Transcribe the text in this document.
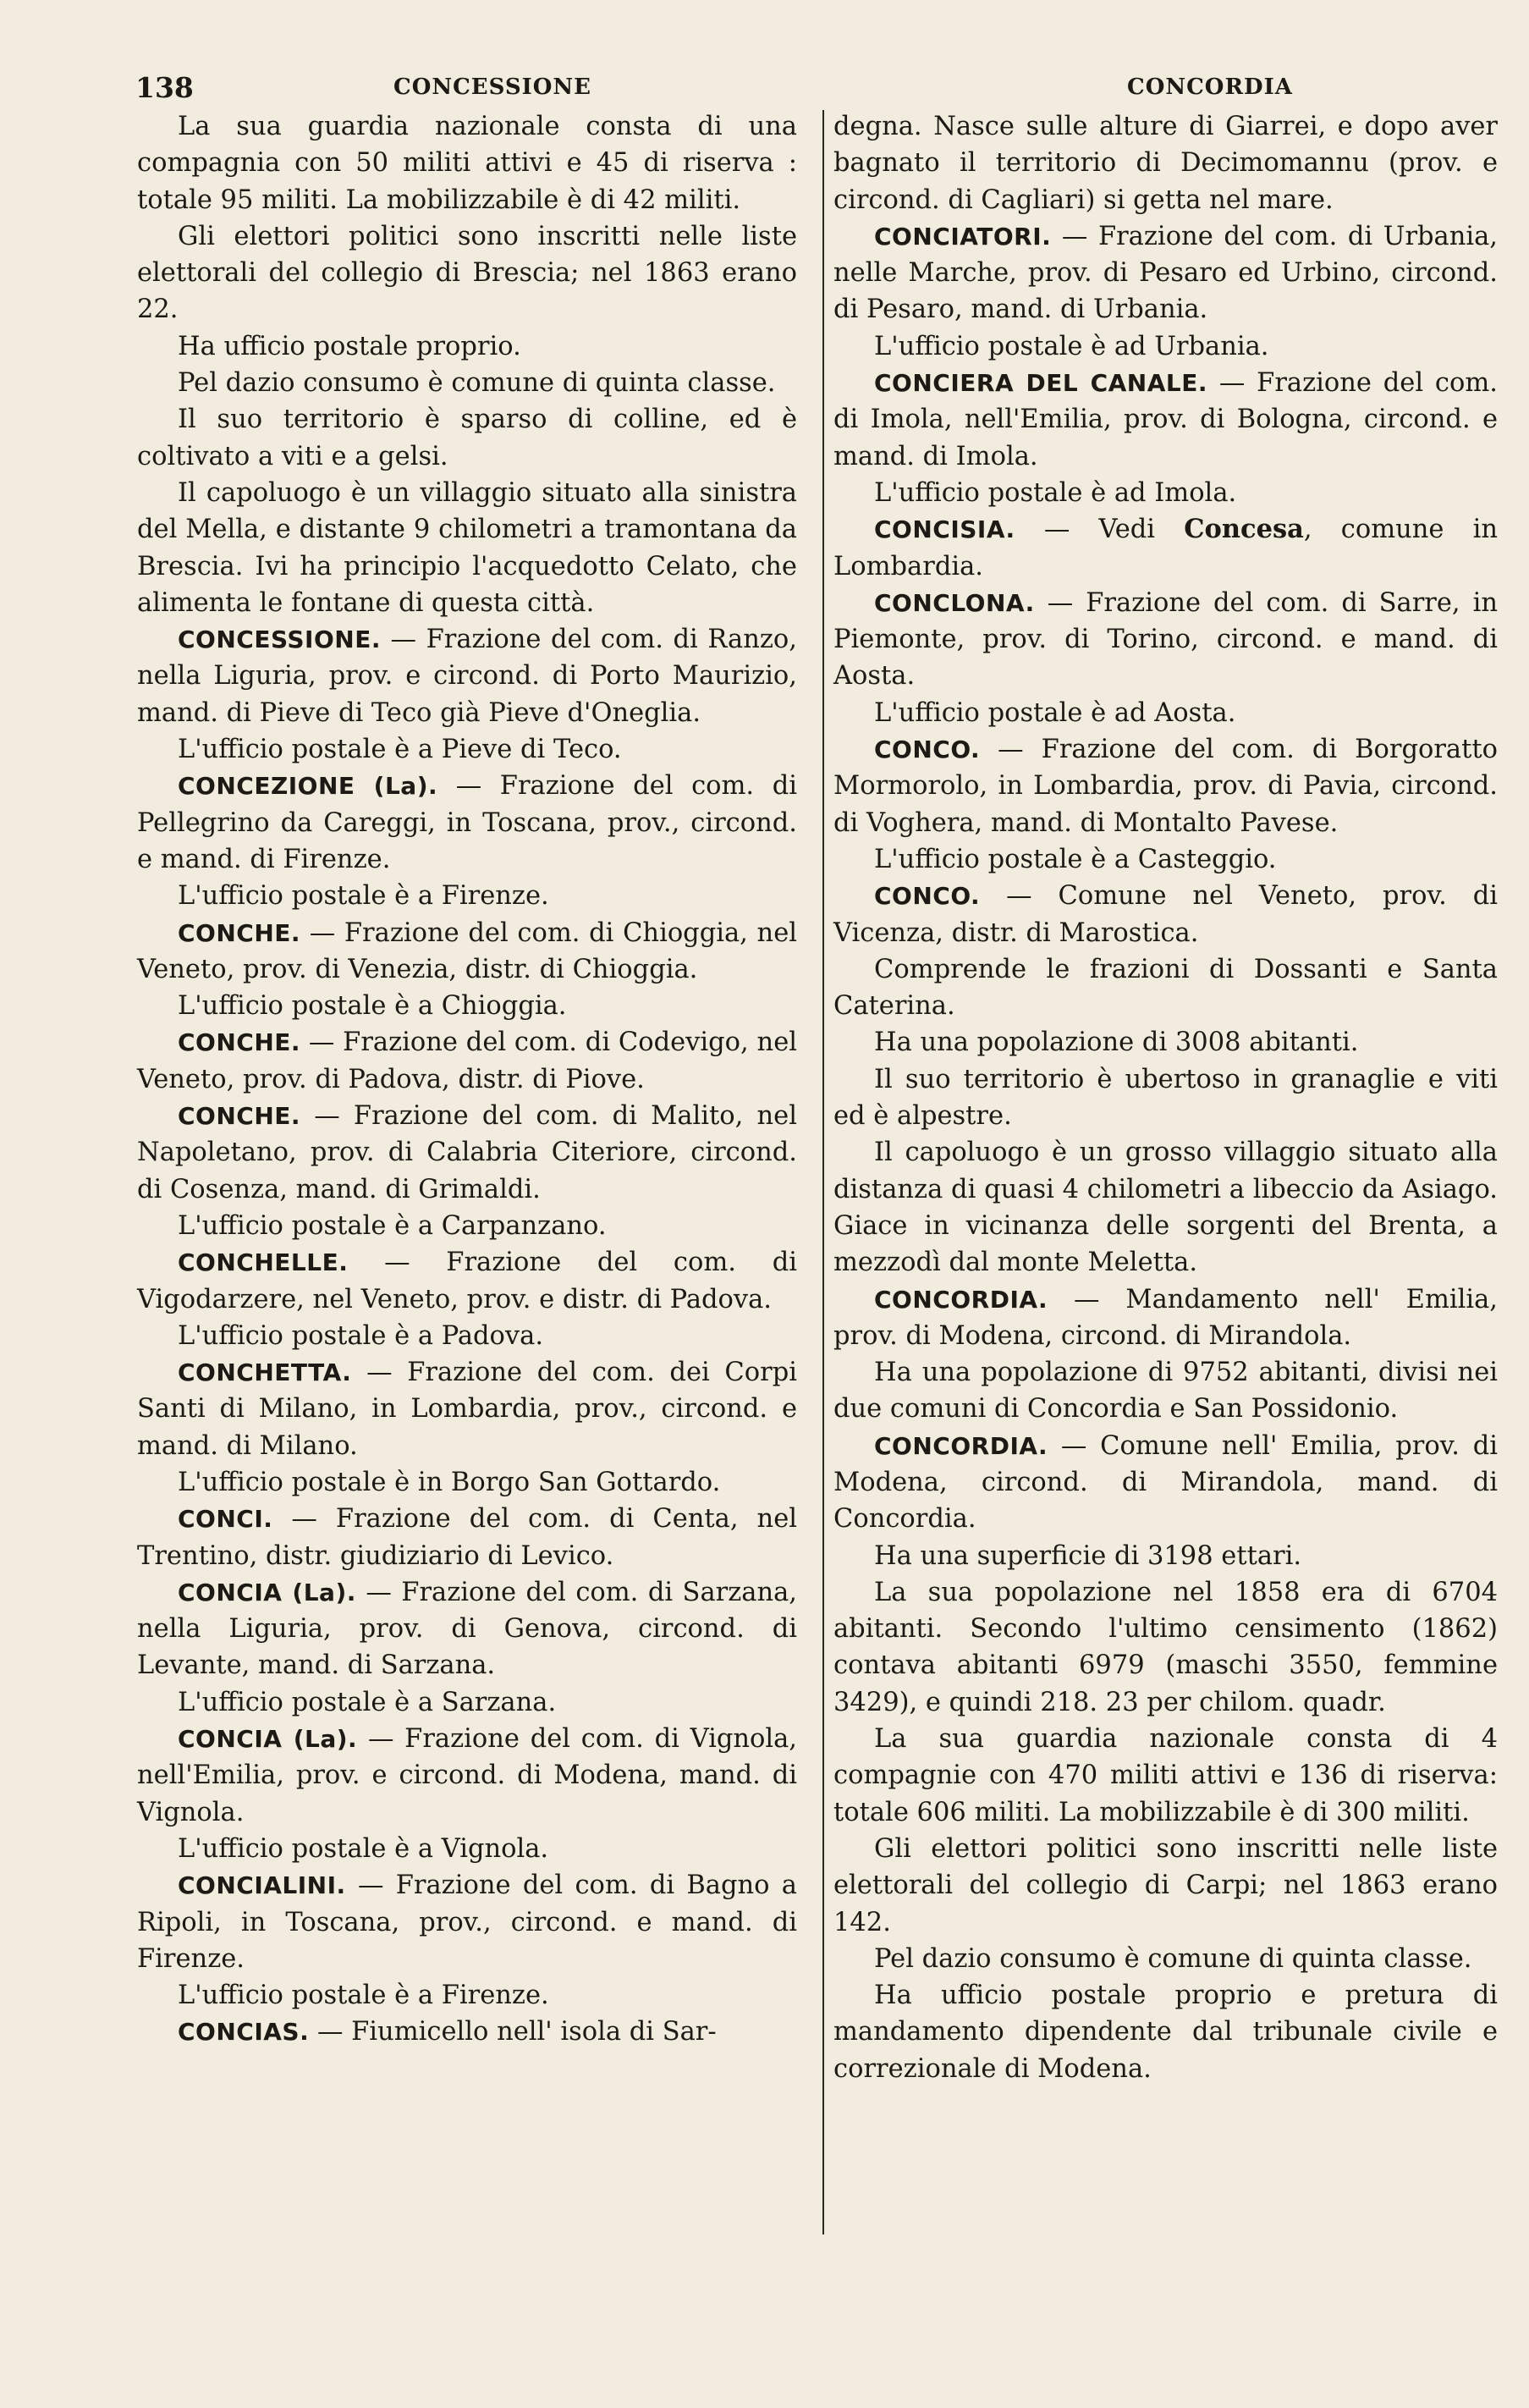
138	CONCESSIONE	CONCORDIA

La sua guardia nazionale consta di una compagnia con 50 militi attivi e 45 di riserva : totale 95 militi. La mobilizzabile è di 42 militi.

Gli elettori politici sono inscritti nelle liste elettorali del collegio di Brescia; nel 1863 erano 22.

Ha ufficio postale proprio.

Pel dazio consumo è comune di quinta classe.

Il suo territorio è sparso di colline, ed è coltivato a viti e a gelsi.

Il capoluogo è un villaggio situato alla sinistra del Mella, e distante 9 chilometri a tramontana da Brescia. Ivi ha principio l'acquedotto Celato, che alimenta le fontane di questa città.

CONCESSIONE. — Frazione del com. di Ranzo, nella Liguria, prov. e circond. di Porto Maurizio, mand. di Pieve di Teco già Pieve d'Oneglia.

L'ufficio postale è a Pieve di Teco.

CONCEZIONE (La). — Frazione del com. di Pellegrino da Careggi, in Toscana, prov., circond. e mand. di Firenze.

L'ufficio postale è a Firenze.

CONCHE. — Frazione del com. di Chioggia, nel Veneto, prov. di Venezia, distr. di Chioggia.

L'ufficio postale è a Chioggia.

CONCHE. — Frazione del com. di Codevigo, nel Veneto, prov. di Padova, distr. di Piove.

CONCHE. — Frazione del com. di Malito, nel Napoletano, prov. di Calabria Citeriore, circond. di Cosenza, mand. di Grimaldi.

L'ufficio postale è a Carpanzano.

CONCHELLE. — Frazione del com. di Vigodarzere, nel Veneto, prov. e distr. di Padova.

L'ufficio postale è a Padova.

CONCHETTA. — Frazione del com. dei Corpi Santi di Milano, in Lombardia, prov., circond. e mand. di Milano.

L'ufficio postale è in Borgo San Gottardo.

CONCI. — Frazione del com. di Centa, nel Trentino, distr. giudiziario di Levico.

CONCIA (La). — Frazione del com. di Sarzana, nella Liguria, prov. di Genova, circond. di Levante, mand. di Sarzana.

L'ufficio postale è a Sarzana.

CONCIA (La). — Frazione del com. di Vignola, nell'Emilia, prov. e circond. di Modena, mand. di Vignola.

L'ufficio postale è a Vignola.

CONCIALINI. — Frazione del com. di Bagno a Ripoli, in Toscana, prov., circond. e mand. di Firenze.

L'ufficio postale è a Firenze.

CONCIAS. — Fiumicello nell' isola di Sar-

degna. Nasce sulle alture di Giarrei, e dopo aver bagnato il territorio di Decimomannu (prov. e circond. di Cagliari) si getta nel mare.

CONCIATORI. — Frazione del com. di Urbania, nelle Marche, prov. di Pesaro ed Urbino, circond. di Pesaro, mand. di Urbania.

L'ufficio postale è ad Urbania.

CONCIERA DEL CANALE. — Frazione del com. di Imola, nell'Emilia, prov. di Bologna, circond. e mand. di Imola.

L'ufficio postale è ad Imola.

CONCISIA. — Vedi Concesa, comune in Lombardia.

CONCLONA. — Frazione del com. di Sarre, in Piemonte, prov. di Torino, circond. e mand. di Aosta.

L'ufficio postale è ad Aosta.

CONCO. — Frazione del com. di Borgoratto Mormorolo, in Lombardia, prov. di Pavia, circond. di Voghera, mand. di Montalto Pavese.

L'ufficio postale è a Casteggio.

CONCO. — Comune nel Veneto, prov. di Vicenza, distr. di Marostica.

Comprende le frazioni di Dossanti e Santa Caterina.

Ha una popolazione di 3008 abitanti.

Il suo territorio è ubertoso in granaglie e viti ed è alpestre.

Il capoluogo è un grosso villaggio situato alla distanza di quasi 4 chilometri a libeccio da Asiago. Giace in vicinanza delle sorgenti del Brenta, a mezzodì dal monte Meletta.

CONCORDIA. — Mandamento nell' Emilia, prov. di Modena, circond. di Mirandola.

Ha una popolazione di 9752 abitanti, divisi nei due comuni di Concordia e San Possidonio.

CONCORDIA. — Comune nell' Emilia, prov. di Modena, circond. di Mirandola, mand. di Concordia.

Ha una superficie di 3198 ettari.

La sua popolazione nel 1858 era di 6704 abitanti. Secondo l'ultimo censimento (1862) contava abitanti 6979 (maschi 3550, femmine 3429), e quindi 218. 23 per chilom. quadr.

La sua guardia nazionale consta di 4 compagnie con 470 militi attivi e 136 di riserva: totale 606 militi. La mobilizzabile è di 300 militi.

Gli elettori politici sono inscritti nelle liste elettorali del collegio di Carpi; nel 1863 erano 142.

Pel dazio consumo è comune di quinta classe.

Ha ufficio postale proprio e pretura di mandamento dipendente dal tribunale civile e correzionale di Modena.
